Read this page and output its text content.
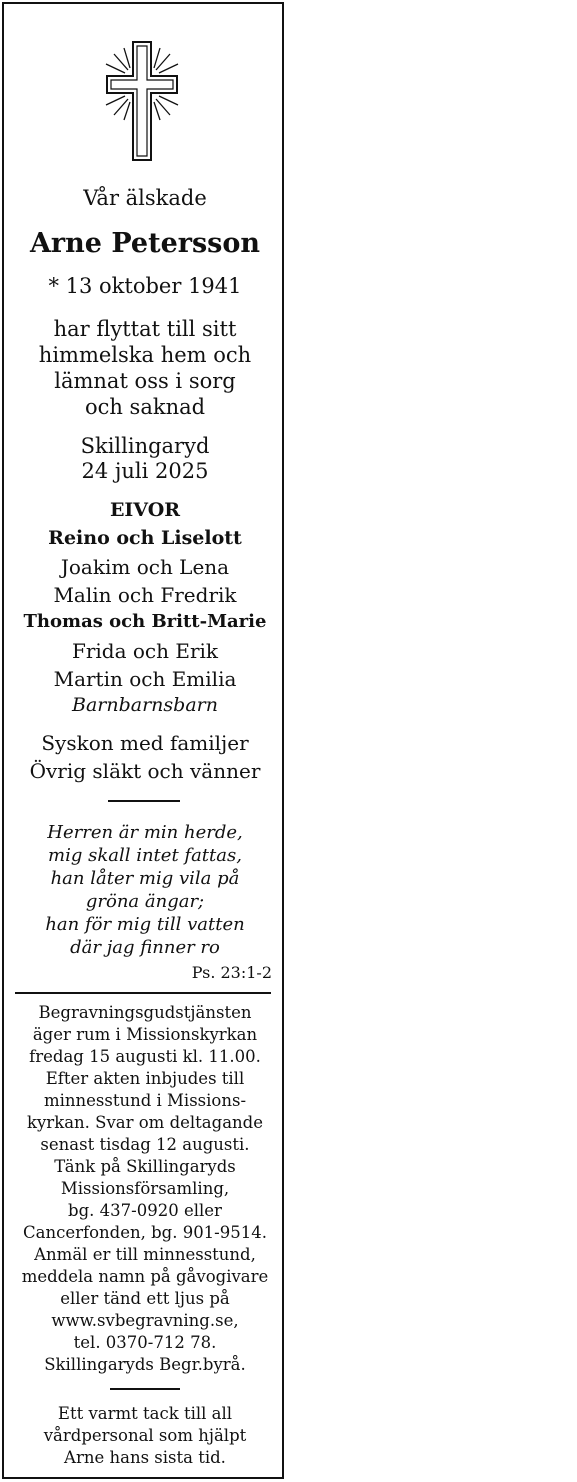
Vår älskade
Arne Petersson
* 13 oktober 1941
har flyttat till sitt
himmelska hem och
lämnat oss i sorg
och saknad
Skillingaryd
24 juli 2025
EIVOR
Reino och Liselott
Joakim och Lena
Malin och Fredrik
Thomas och Britt-Marie
Frida och Erik
Martin och Emilia
Barnbarnsbarn
Syskon med familjer
Övrig släkt och vänner
Herren är min herde,
mig skall intet fattas,
han låter mig vila på
gröna ängar;
han för mig till vatten
där jag finner ro
Ps. 23:1-2
Begravningsgudstjänsten
äger rum i Missionskyrkan
fredag 15 augusti kl. 11.00.
Efter akten inbjudes till
minnesstund i Missions-
kyrkan. Svar om deltagande
senast tisdag 12 augusti.
Tänk på Skillingaryds
Missionsförsamling,
bg. 437-0920 eller
Cancerfonden, bg. 901-9514.
Anmäl er till minnesstund,
meddela namn på gåvogivare
eller tänd ett ljus på
www.svbegravning.se,
tel. 0370-712 78.
Skillingaryds Begr.byrå.
Ett varmt tack till all
vårdpersonal som hjälpt
Arne hans sista tid.
